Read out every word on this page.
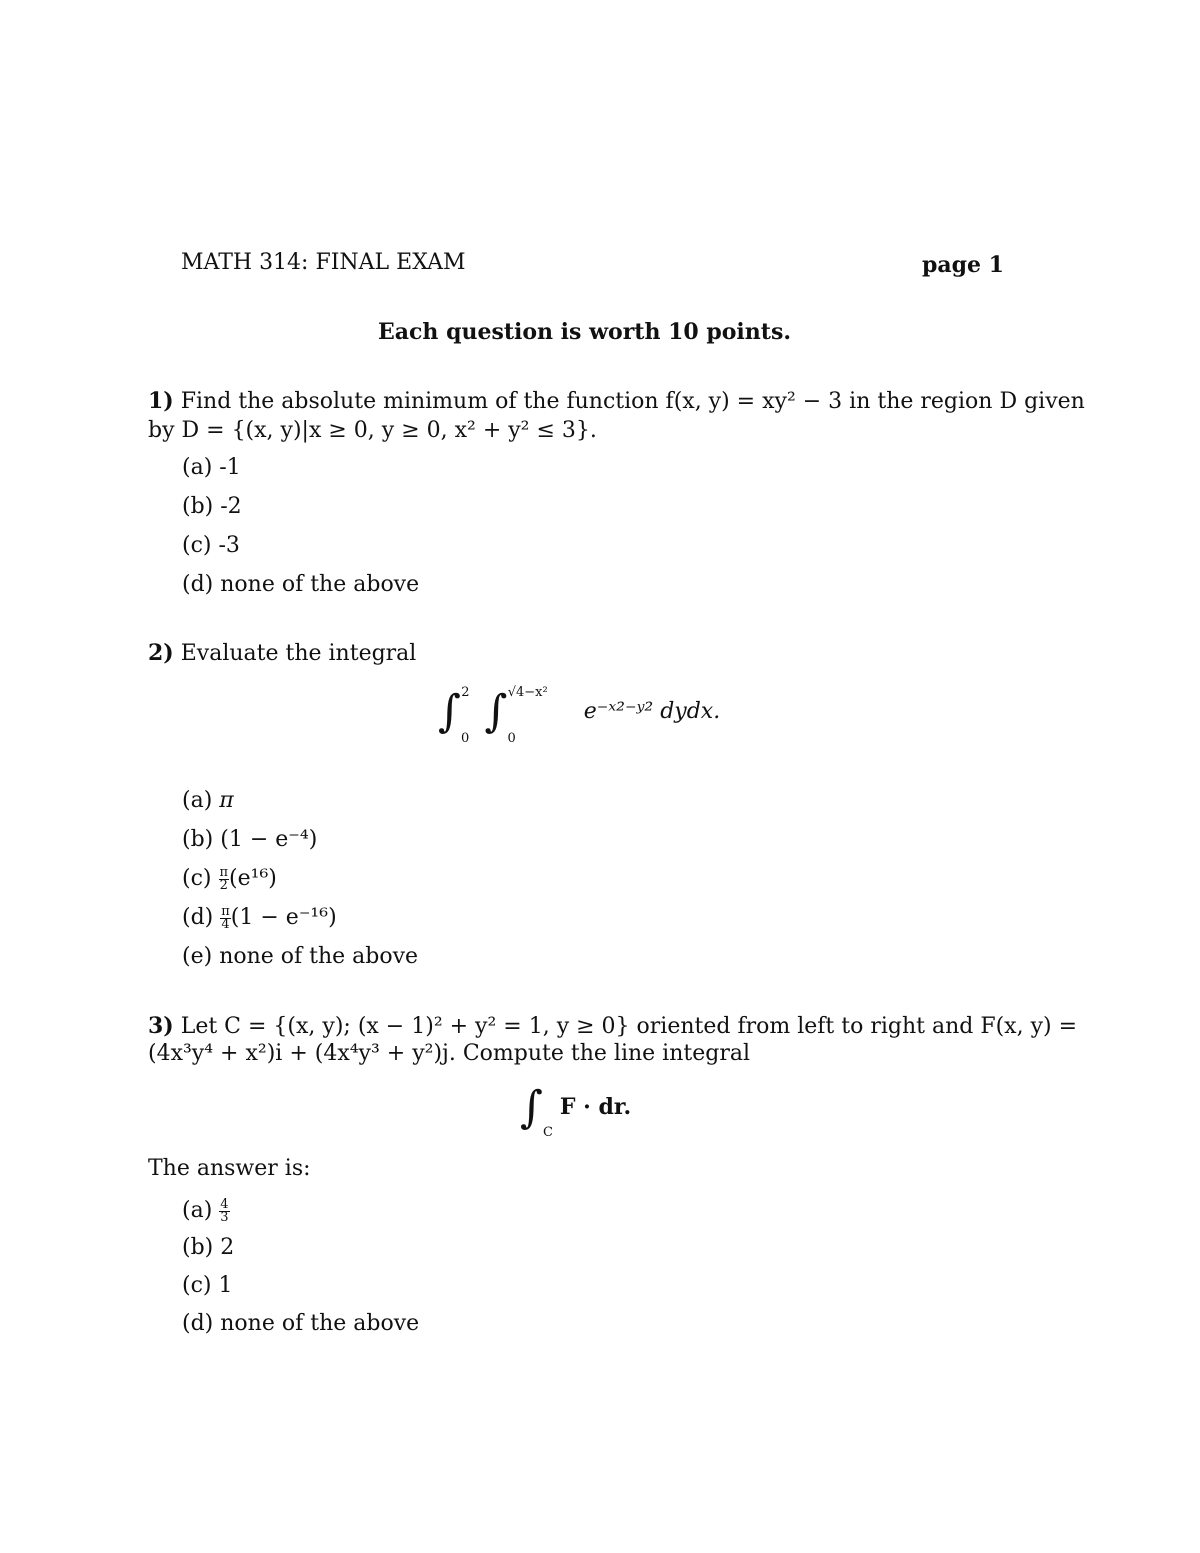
MATH 314: FINAL EXAM	page 1
Each question is worth 10 points.
1) Find the absolute minimum of the function f(x, y) = xy² − 3 in the region D given
by D = {(x, y)|x ≥ 0, y ≥ 0, x² + y² ≤ 3}.
(a) -1
(b) -2
(c) -3
(d) none of the above
2) Evaluate the integral
$\int_0^2$ $\int_0^{√4-x^2}$    e⁻ˣ²⁻ʸ² dydx.
(a) π
(b) (1 − e⁻⁴)
$(c) \frac{\pi}{2} (e^{16})$
$(d) \frac{\pi}{4} (1 - e^{-16})$
(e) none of the above
3) Let C = {(x, y); (x − 1)² + y² = 1, y ≥ 0} oriented from left to right and F(x, y) =
(4x³y⁴ + x²)i + (4x⁴y³ + y²)j. Compute the line integral
$\int_C$ F · dr.
The answer is:
$(a) \frac{4}{3}$
(b) 2
(c) 1
(d) none of the above
